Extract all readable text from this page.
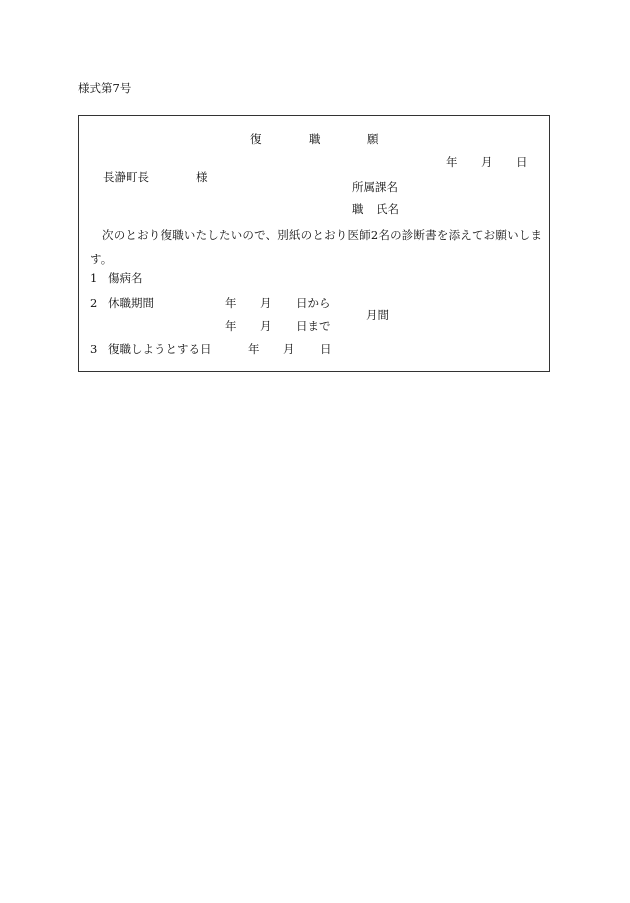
様式第7号
復	職	願
年 月 日
長瀞町長	様
所属課名
職 氏名
次のとおり復職いたしたいので、別紙のとおり医師2名の診断書を添えてお願いします。
1 傷病名
2 休職期間	年 月 日から
年 月 日まで
月間
3 復職しようとする日	年 月 日
